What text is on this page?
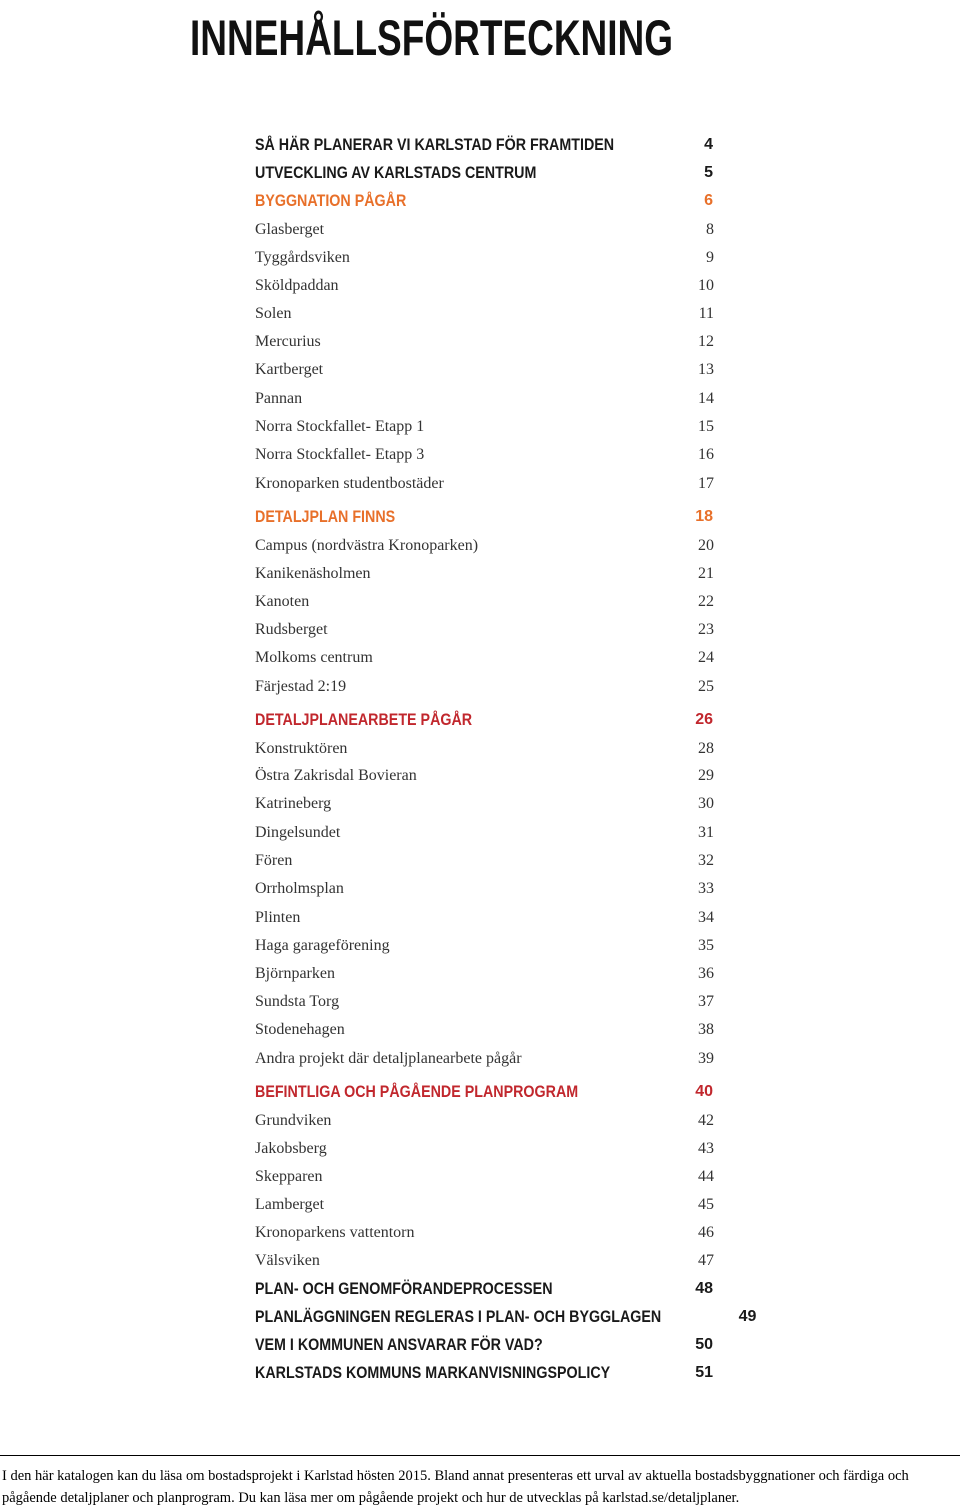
INNEHÅLLSFÖRTECKNING
SÅ HÄR PLANERAR VI KARLSTAD FÖR FRAMTIDEN	4
UTVECKLING AV KARLSTADS CENTRUM	5
BYGGNATION PÅGÅR	6
Glasberget	8
Tyggårdsviken	9
Sköldpaddan	10
Solen	11
Mercurius	12
Kartberget	13
Pannan	14
Norra Stockfallet- Etapp 1	15
Norra Stockfallet- Etapp 3	16
Kronoparken studentbostäder	17
DETALJPLAN FINNS	18
Campus (nordvästra Kronoparken)	20
Kanikenäsholmen	21
Kanoten	22
Rudsberget	23
Molkoms centrum	24
Färjestad 2:19	25
DETALJPLANEARBETE PÅGÅR	26
Konstruktören	28
Östra Zakrisdal Bovieran	29
Katrineberg	30
Dingelsundet	31
Fören	32
Orrholmsplan	33
Plinten	34
Haga garageförening	35
Björnparken	36
Sundsta Torg	37
Stodenehagen	38
Andra projekt där detaljplanearbete pågår	39
BEFINTLIGA OCH PÅGÅENDE PLANPROGRAM	40
Grundviken	42
Jakobsberg	43
Skepparen	44
Lamberget	45
Kronoparkens vattentorn	46
Välsviken	47
PLAN- OCH GENOMFÖRANDEPROCESSEN	48
PLANLÄGGNINGEN REGLERAS I PLAN- OCH BYGGLAGEN	49
VEM I KOMMUNEN ANSVARAR FÖR VAD?	50
KARLSTADS KOMMUNS MARKANVISNINGSPOLICY	51

I den här katalogen kan du läsa om bostadsprojekt i Karlstad hösten 2015. Bland annat presenteras ett urval av aktuella bostadsbyggnationer och färdiga och pågående detaljplaner och planprogram. Du kan läsa mer om pågående projekt och hur de utvecklas på karlstad.se/detaljplaner.
